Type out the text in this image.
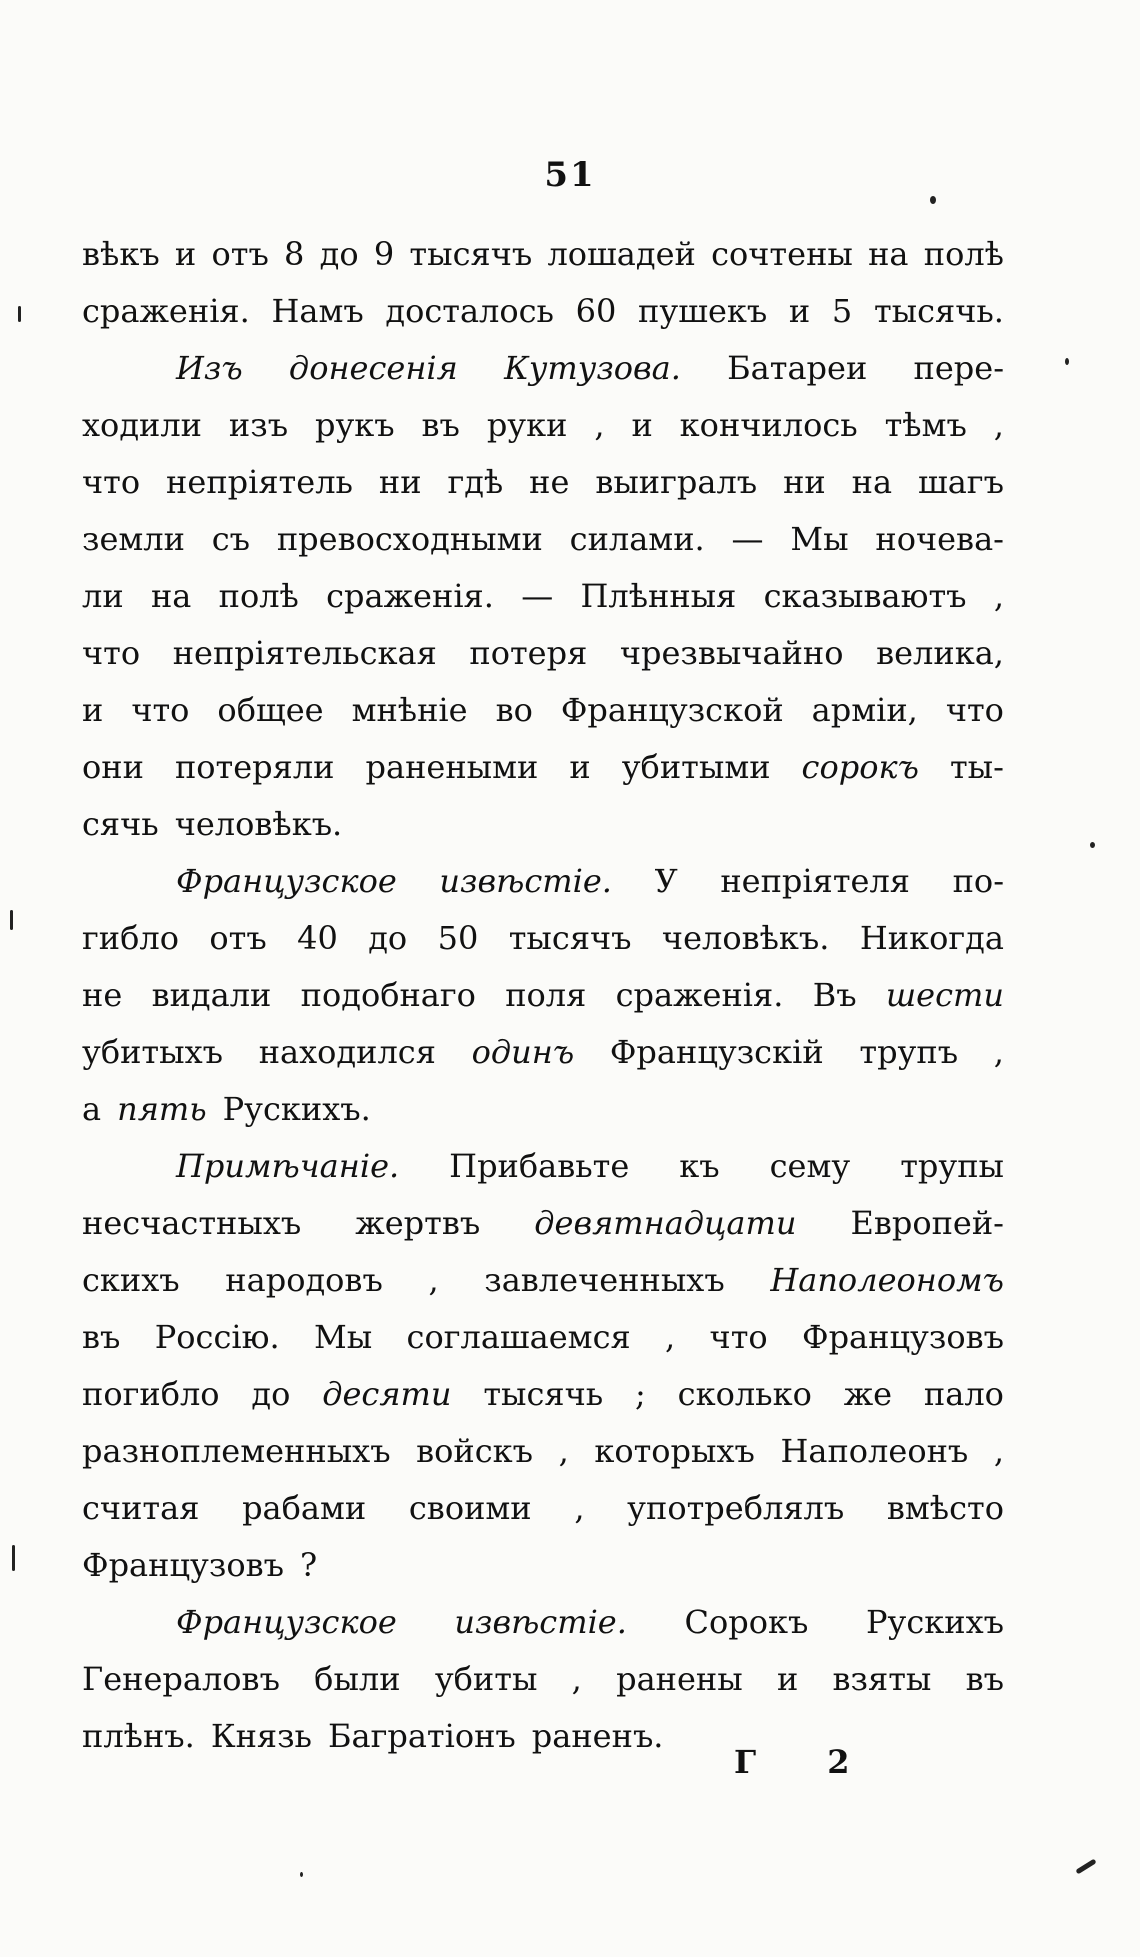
51
вѣкъ и отъ 8 до 9 тысячъ лошадей сочтены на полѣ
сраженія. Намъ досталось 60 пушекъ и 5 тысячь.
Изъ донесенія Кутузова. Батареи пере-
ходили изъ рукъ въ руки , и кончилось тѣмъ ,
что непріятель ни гдѣ не выигралъ ни на шагъ
земли съ превосходными силами. — Мы ночева-
ли на полѣ сраженія. — Плѣнныя сказываютъ ,
что непріятельская потеря чрезвычайно велика,
и что общее мнѣніе во Французской арміи, что
они потеряли ранеными и убитыми сорокъ ты-
сячь человѣкъ.
Французское извѣстіе. У непріятеля по-
гибло отъ 40 до 50 тысячъ человѣкъ. Никогда
не видали подобнаго поля сраженія. Въ шести
убитыхъ находился одинъ Французскій трупъ ,
а пять Рускихъ.
Примѣчаніе. Прибавьте къ сему трупы
несчастныхъ жертвъ девятнадцати Европей-
скихъ народовъ , завлеченныхъ Наполеономъ
въ Россію. Мы соглашаемся , что Французовъ
погибло до десяти тысячь ; сколько же пало
разноплеменныхъ войскъ , которыхъ Наполеонъ ,
считая рабами своими , употреблялъ вмѣсто
Французовъ ?
Французское извѣстіе. Сорокъ Рускихъ
Генераловъ были убиты , ранены и взяты въ
плѣнъ. Князь Багратіонъ раненъ.
Г 2
